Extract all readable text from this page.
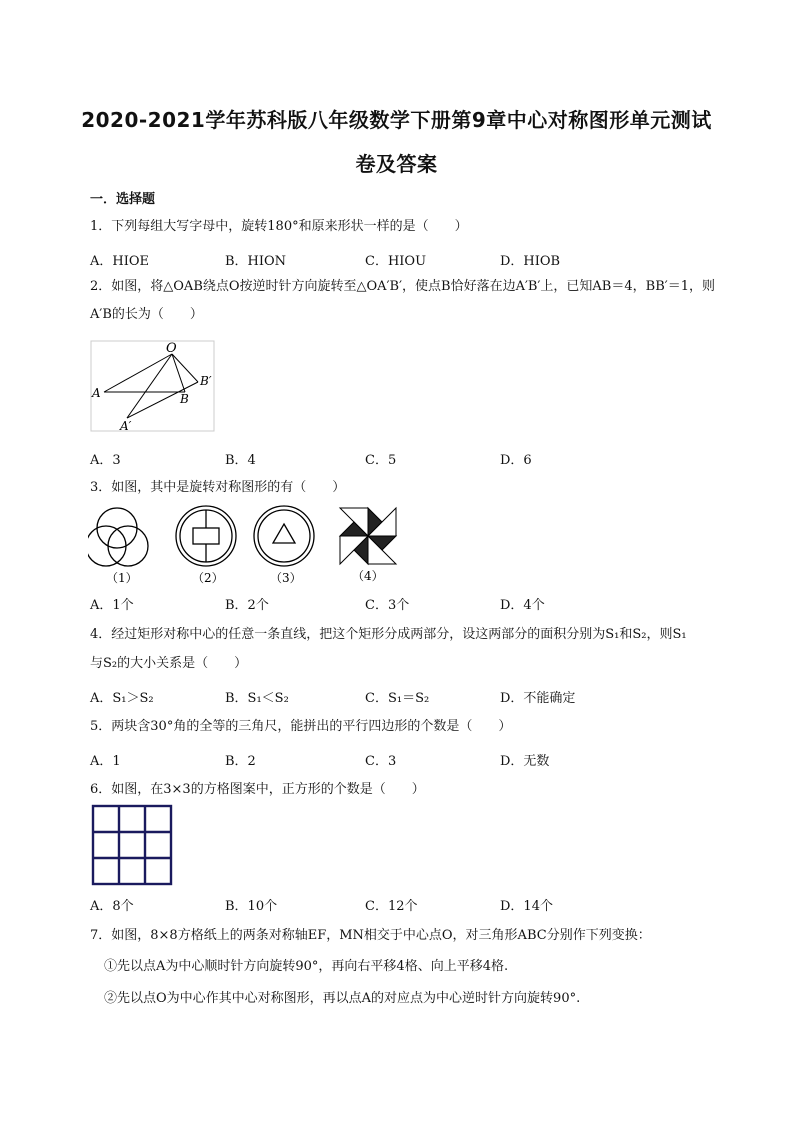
2020-2021学年苏科版八年级数学下册第9章中心对称图形单元测试
卷及答案
一．选择题
1．下列每组大写字母中，旋转180°和原来形状一样的是（　　）
A．HIOE	B．HION	C．HIOU	D．HIOB
2．如图，将△OAB绕点O按逆时针方向旋转至△OA′B′，使点B恰好落在边A′B′上，已知AB＝4，BB′＝1，则A′B的长为（　　）
O
B′
A	B
A′
A．3	B．4	C．5	D．6
3．如图，其中是旋转对称图形的有（　　）
（1）	（2）	（3）	（4）
A．1个	B．2个	C．3个	D．4个
4．经过矩形对称中心的任意一条直线，把这个矩形分成两部分，设这两部分的面积分别为S₁和S₂，则S₁
与S₂的大小关系是（　　）
A．S₁＞S₂	B．S₁＜S₂	C．S₁＝S₂	D．不能确定
5．两块含30°角的全等的三角尺，能拼出的平行四边形的个数是（　　）
A．1	B．2	C．3	D．无数
6．如图，在3×3的方格图案中，正方形的个数是（　　）
A．8个	B．10个	C．12个	D．14个
7．如图，8×8方格纸上的两条对称轴EF，MN相交于中心点O，对三角形ABC分别作下列变换：
①先以点A为中心顺时针方向旋转90°，再向右平移4格、向上平移4格.
②先以点O为中心作其中心对称图形，再以点A的对应点为中心逆时针方向旋转90°.
